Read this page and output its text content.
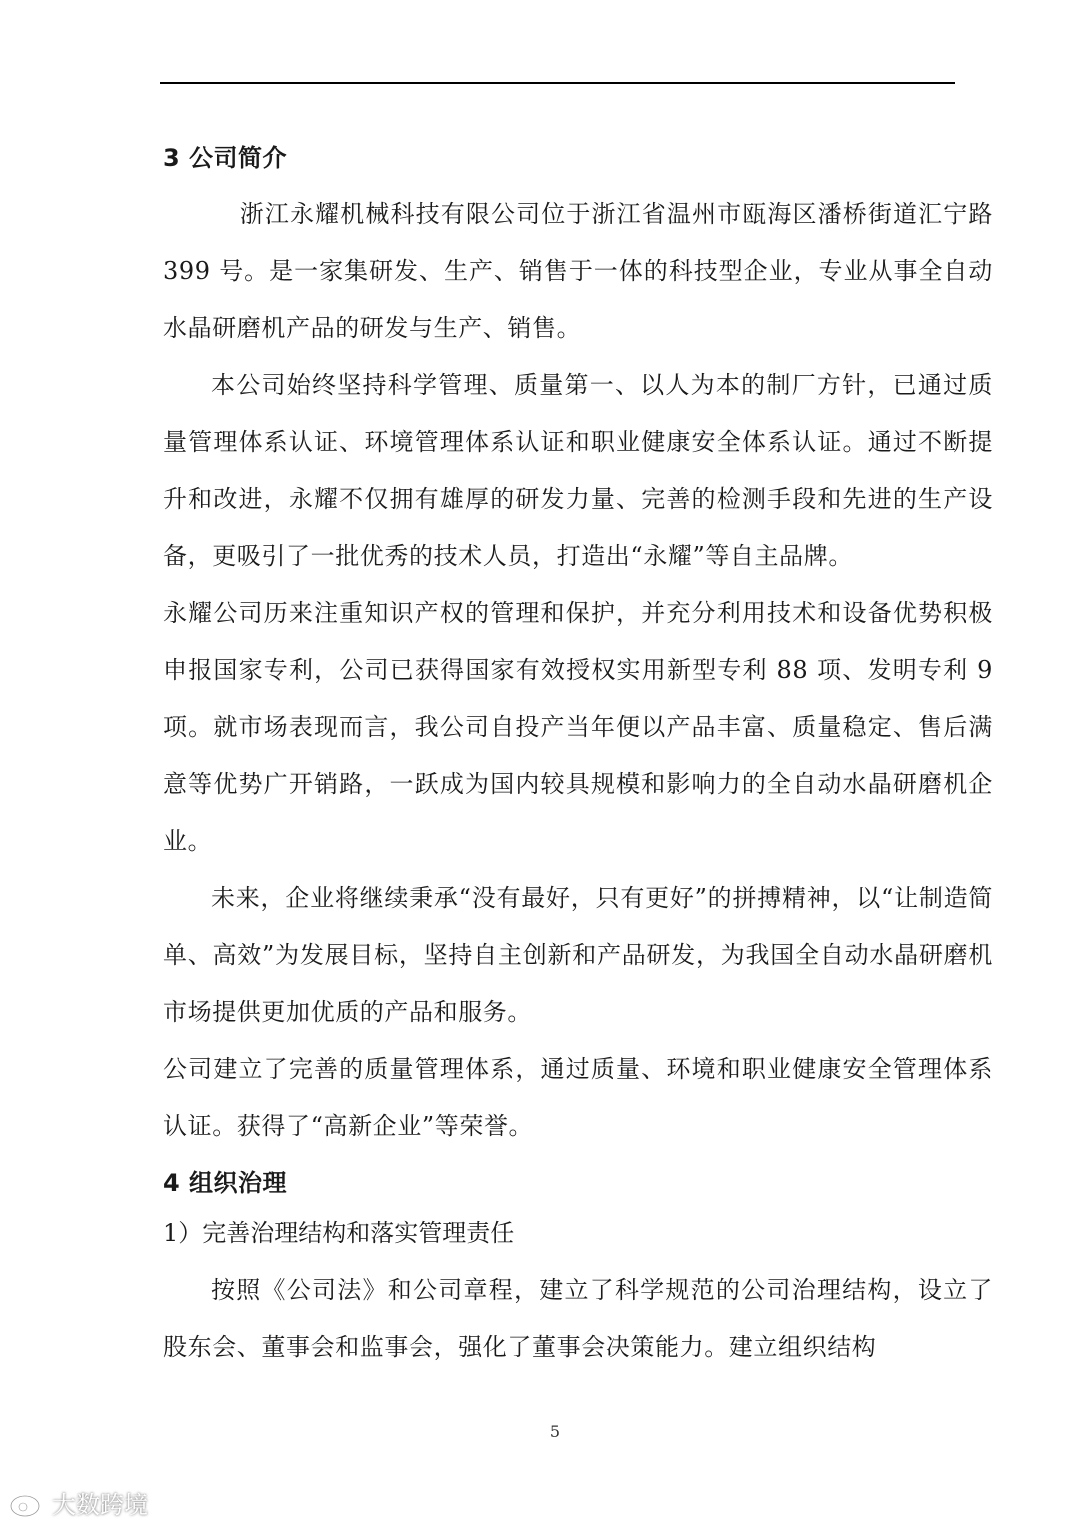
3 公司简介

浙江永耀机械科技有限公司位于浙江省温州市瓯海区潘桥街道汇宁路 399 号。是一家集研发、生产、销售于一体的科技型企业，专业从事全自动水晶研磨机产品的研发与生产、销售。

本公司始终坚持科学管理、质量第一、以人为本的制厂方针，已通过质量管理体系认证、环境管理体系认证和职业健康安全体系认证。通过不断提升和改进，永耀不仅拥有雄厚的研发力量、完善的检测手段和先进的生产设备，更吸引了一批优秀的技术人员，打造出“永耀”等自主品牌。

永耀公司历来注重知识产权的管理和保护，并充分利用技术和设备优势积极申报国家专利，公司已获得国家有效授权实用新型专利 88 项、发明专利 9 项。就市场表现而言，我公司自投产当年便以产品丰富、质量稳定、售后满意等优势广开销路，一跃成为国内较具规模和影响力的全自动水晶研磨机企业。

未来，企业将继续秉承“没有最好，只有更好”的拼搏精神，以“让制造简单、高效”为发展目标，坚持自主创新和产品研发，为我国全自动水晶研磨机市场提供更加优质的产品和服务。

公司建立了完善的质量管理体系，通过质量、环境和职业健康安全管理体系认证。获得了“高新企业”等荣誉。

4 组织治理

1）完善治理结构和落实管理责任

按照《公司法》和公司章程，建立了科学规范的公司治理结构，设立了股东会、董事会和监事会，强化了董事会决策能力。建立组织结构

5
大数跨境
